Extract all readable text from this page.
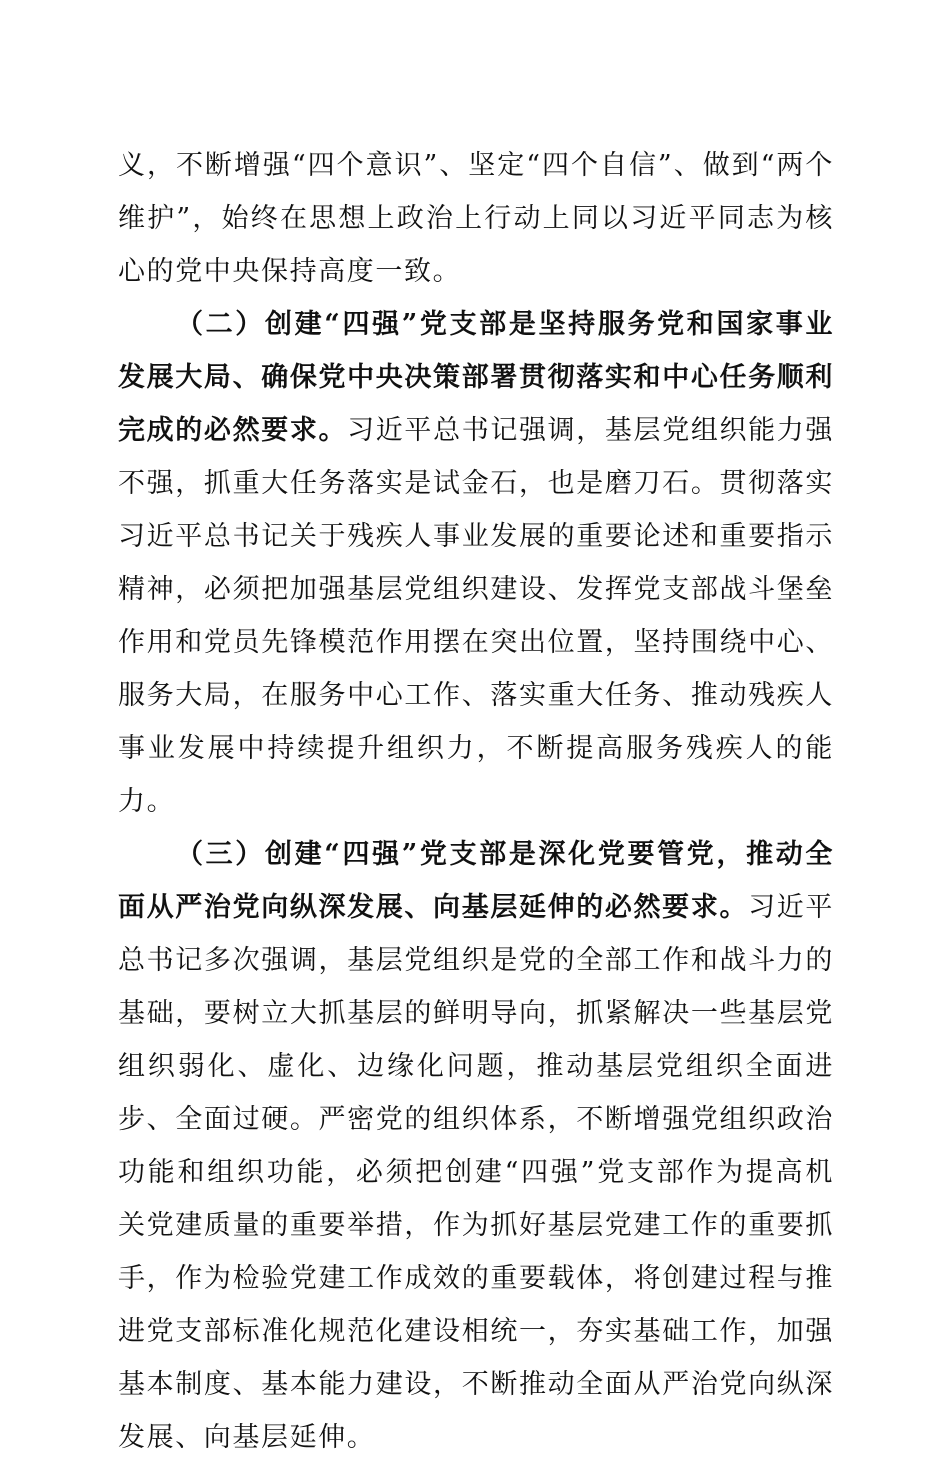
义，不断增强“四个意识”、坚定“四个自信”、做到“两个维护”，始终在思想上政治上行动上同以习近平同志为核心的党中央保持高度一致。

（二）创建“四强”党支部是坚持服务党和国家事业发展大局、确保党中央决策部署贯彻落实和中心任务顺利完成的必然要求。习近平总书记强调，基层党组织能力强不强，抓重大任务落实是试金石，也是磨刀石。贯彻落实习近平总书记关于残疾人事业发展的重要论述和重要指示精神，必须把加强基层党组织建设、发挥党支部战斗堡垒作用和党员先锋模范作用摆在突出位置，坚持围绕中心、服务大局，在服务中心工作、落实重大任务、推动残疾人事业发展中持续提升组织力，不断提高服务残疾人的能力。

（三）创建“四强”党支部是深化党要管党，推动全面从严治党向纵深发展、向基层延伸的必然要求。习近平总书记多次强调，基层党组织是党的全部工作和战斗力的基础，要树立大抓基层的鲜明导向，抓紧解决一些基层党组织弱化、虚化、边缘化问题，推动基层党组织全面进步、全面过硬。严密党的组织体系，不断增强党组织政治功能和组织功能，必须把创建“四强”党支部作为提高机关党建质量的重要举措，作为抓好基层党建工作的重要抓手，作为检验党建工作成效的重要载体，将创建过程与推进党支部标准化规范化建设相统一，夯实基础工作，加强基本制度、基本能力建设，不断推动全面从严治党向纵深发展、向基层延伸。
